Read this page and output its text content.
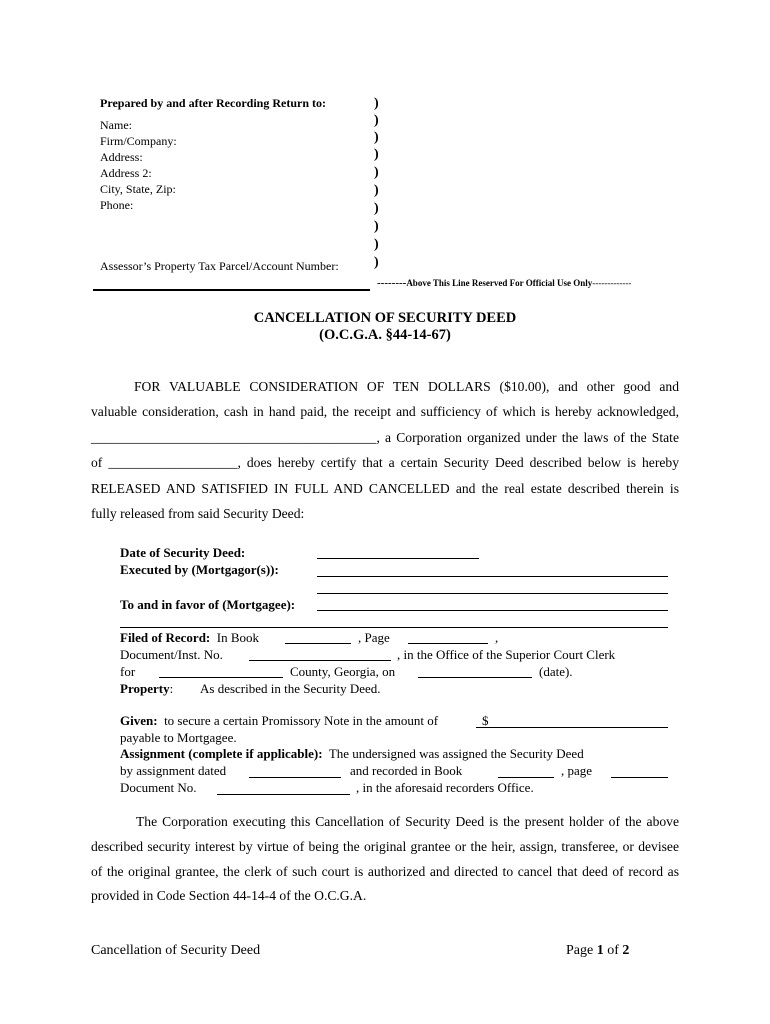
Prepared by and after Recording Return to:
Name:
Firm/Company:
Address:
Address 2:
City, State, Zip:
Phone:
Assessor’s Property Tax Parcel/Account Number:
)
)
)
)
)
)
)
)
)
)
--------Above This Line Reserved For Official Use Only-------------
CANCELLATION OF SECURITY DEED
(O.C.G.A. §44-14-67)
FOR VALUABLE CONSIDERATION OF TEN DOLLARS ($10.00), and other good and
valuable consideration, cash in hand paid, the receipt and sufficiency of which is hereby acknowledged,
__________________________________________, a Corporation organized under the laws of the State
of ___________________, does hereby certify that a certain Security Deed described below is hereby
RELEASED AND SATISFIED IN FULL AND CANCELLED and the real estate described therein is
fully released from said Security Deed:
Date of Security Deed:
Executed by (Mortgagor(s)):
To and in favor of (Mortgagee):
Filed of Record: In Book	, Page	,
Document/Inst. No.	, in the Office of the Superior Court Clerk
for	County, Georgia, on	(date).
Property: As described in the Security Deed.
Given: to secure a certain Promissory Note in the amount of	$
payable to Mortgagee.
Assignment (complete if applicable): The undersigned was assigned the Security Deed
by assignment dated	and recorded in Book	, page
Document No.	, in the aforesaid recorders Office.
The Corporation executing this Cancellation of Security Deed is the present holder of the above
described security interest by virtue of being the original grantee or the heir, assign, transferee, or devisee
of the original grantee, the clerk of such court is authorized and directed to cancel that deed of record as
provided in Code Section 44-14-4 of the O.C.G.A.
Cancellation of Security Deed	Page 1 of 2
